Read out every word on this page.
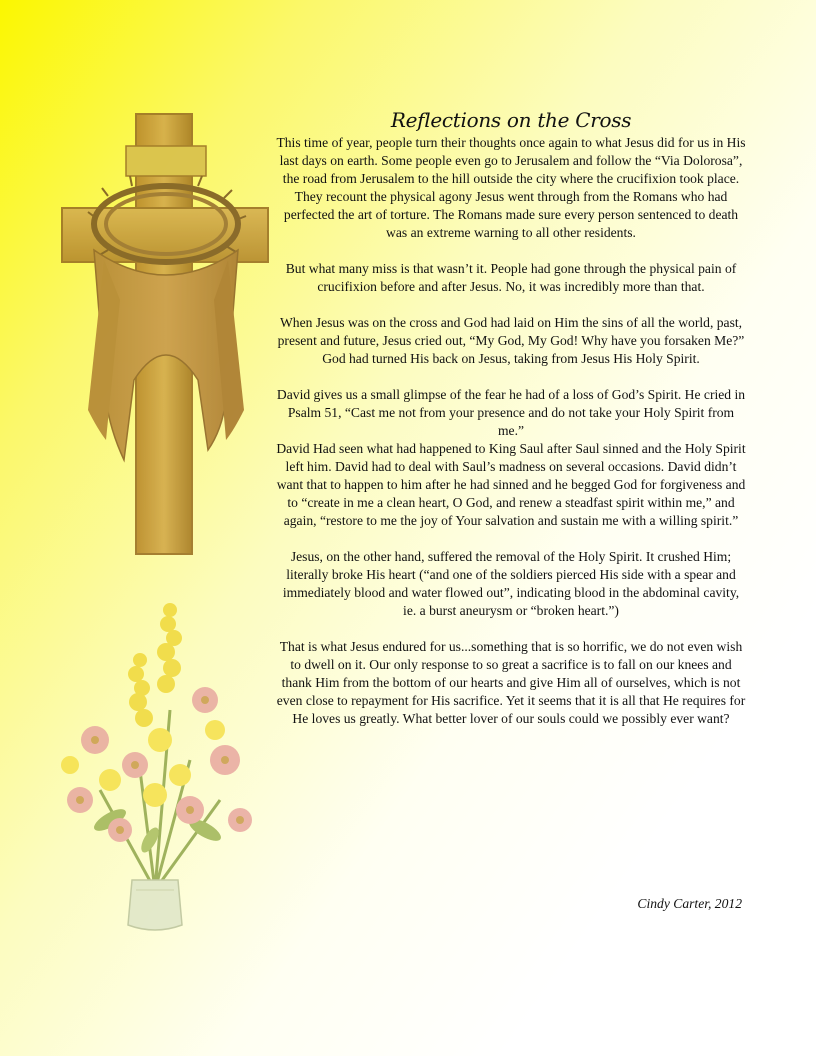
Reflections on the Cross

This time of year, people turn their thoughts once again to what Jesus did for us in His last days on earth. Some people even go to Jerusalem and follow the “Via Dolorosa”, the road from Jerusalem to the hill outside the city where the crucifixion took place. They recount the physical agony Jesus went through from the Romans who had perfected the art of torture. The Romans made sure every person sentenced to death was an extreme warning to all other residents.

But what many miss is that wasn’t it. People had gone through the physical pain of crucifixion before and after Jesus. No, it was incredibly more than that.

When Jesus was on the cross and God had laid on Him the sins of all the world, past, present and future, Jesus cried out, “My God, My God! Why have you forsaken Me?” God had turned His back on Jesus, taking from Jesus His Holy Spirit.

David gives us a small glimpse of the fear he had of a loss of God’s Spirit. He cried in Psalm 51, “Cast me not from your presence and do not take your Holy Spirit from me.”

David Had seen what had happened to King Saul after Saul sinned and the Holy Spirit left him. David had to deal with Saul’s madness on several occasions. David didn’t want that to happen to him after he had sinned and he begged God for forgiveness and to “create in me a clean heart, O God, and renew a steadfast spirit within me,” and again, “restore to me the joy of Your salvation and sustain me with a willing spirit.”

Jesus, on the other hand, suffered the removal of the Holy Spirit. It crushed Him; literally broke His heart (“and one of the soldiers pierced His side with a spear and immediately blood and water flowed out”, indicating blood in the abdominal cavity, ie. a burst aneurysm or “broken heart.”)

That is what Jesus endured for us...something that is so horrific, we do not even wish to dwell on it. Our only response to so great a sacrifice is to fall on our knees and thank Him from the bottom of our hearts and give Him all of ourselves, which is not even close to repayment for His sacrifice. Yet it seems that it is all that He requires for He loves us greatly. What better lover of our souls could we possibly ever want?

Cindy Carter, 2012
